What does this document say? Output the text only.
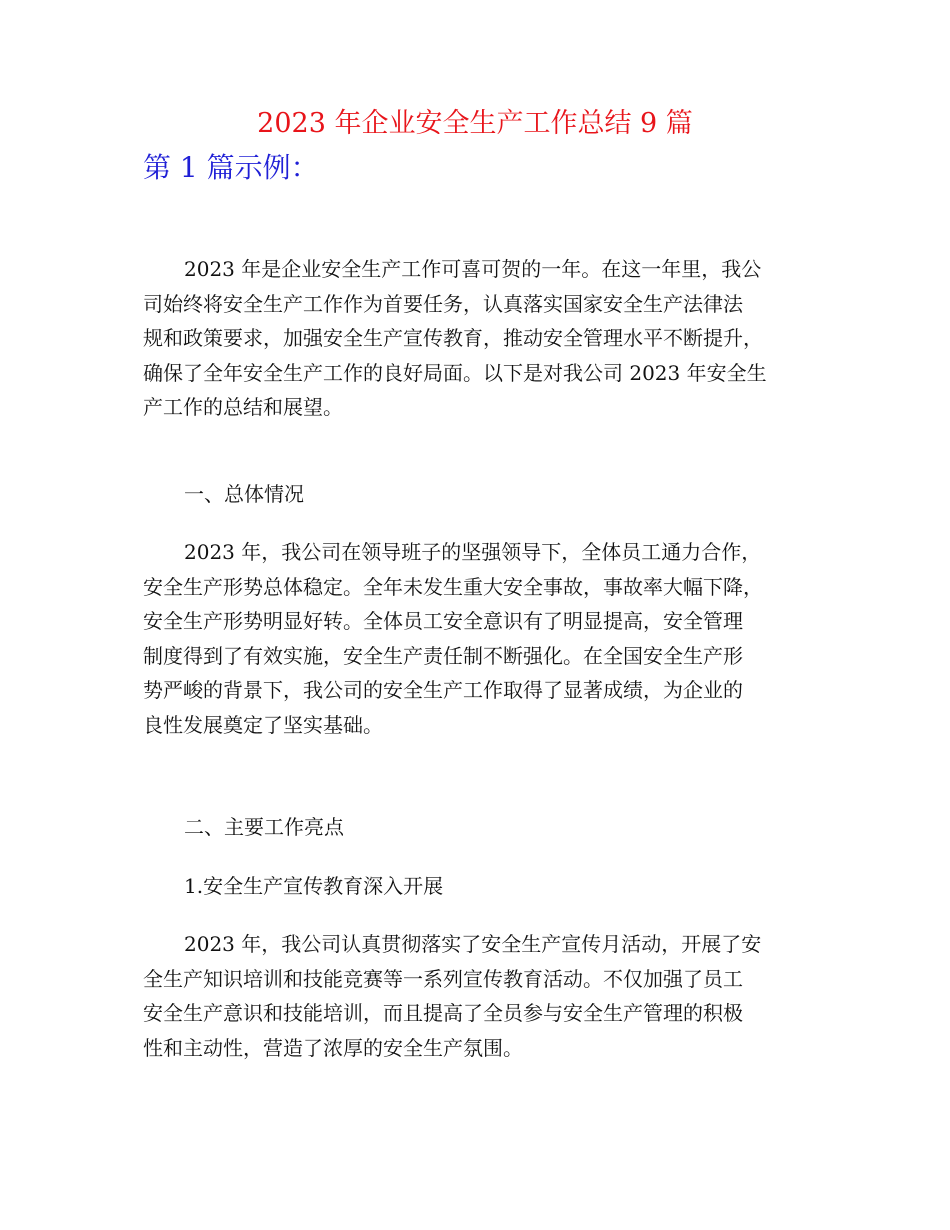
2023 年企业安全生产工作总结 9 篇
第 1 篇示例：
2023 年是企业安全生产工作可喜可贺的一年。在这一年里，我公
司始终将安全生产工作作为首要任务，认真落实国家安全生产法律法
规和政策要求，加强安全生产宣传教育，推动安全管理水平不断提升，
确保了全年安全生产工作的良好局面。以下是对我公司 2023 年安全生
产工作的总结和展望。
一、总体情况
2023 年，我公司在领导班子的坚强领导下，全体员工通力合作，
安全生产形势总体稳定。全年未发生重大安全事故，事故率大幅下降，
安全生产形势明显好转。全体员工安全意识有了明显提高，安全管理
制度得到了有效实施，安全生产责任制不断强化。在全国安全生产形
势严峻的背景下，我公司的安全生产工作取得了显著成绩，为企业的
良性发展奠定了坚实基础。
二、主要工作亮点
1.安全生产宣传教育深入开展
2023 年，我公司认真贯彻落实了安全生产宣传月活动，开展了安
全生产知识培训和技能竞赛等一系列宣传教育活动。不仅加强了员工
安全生产意识和技能培训，而且提高了全员参与安全生产管理的积极
性和主动性，营造了浓厚的安全生产氛围。
